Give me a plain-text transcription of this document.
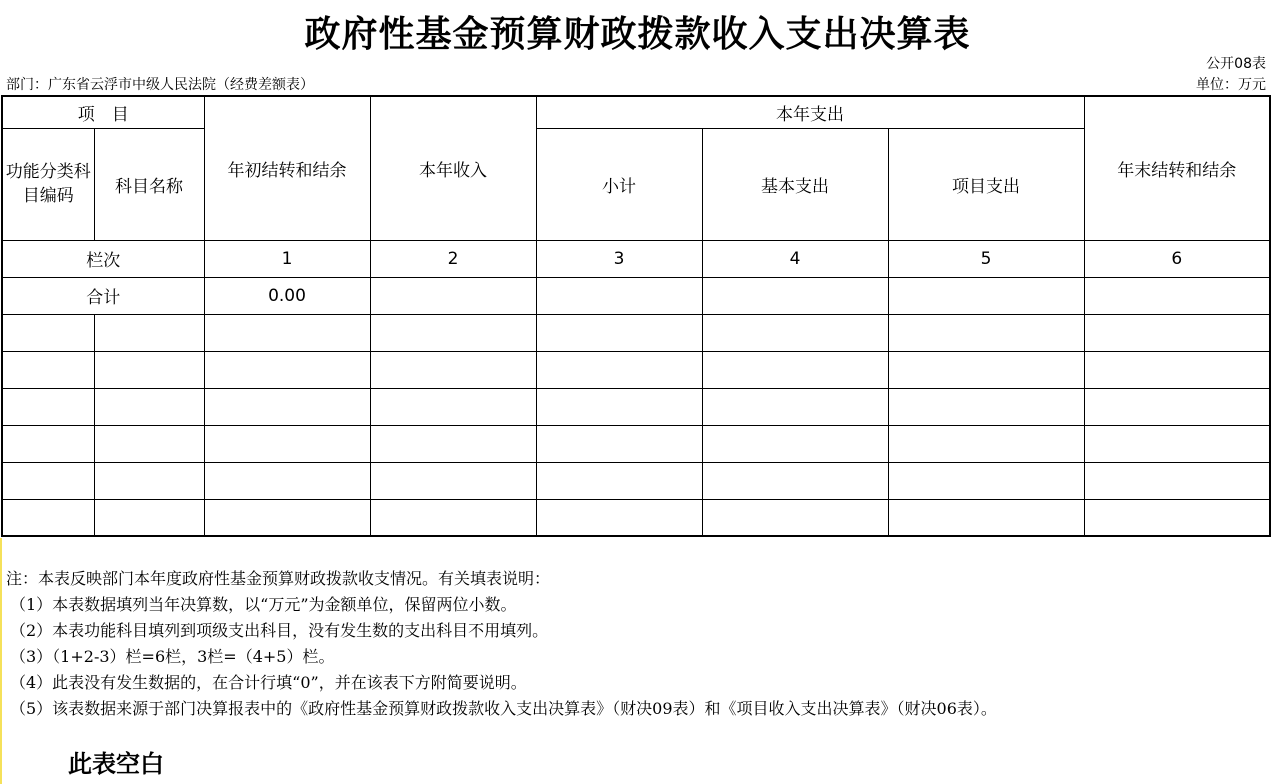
政府性基金预算财政拨款收入支出决算表
公开08表
部门：广东省云浮市中级人民法院（经费差额表）	单位：万元
项　目		年初结转和结余	本年收入	本年支出			年末结转和结余
功能分类科目编码	科目名称			小计	基本支出	项目支出	
栏次		1	2	3	4	5	6
合计		0.00					

注：本表反映部门本年度政府性基金预算财政拨款收支情况。有关填表说明：
（1）本表数据填列当年决算数，以“万元”为金额单位，保留两位小数。
（2）本表功能科目填列到项级支出科目，没有发生数的支出科目不用填列。
（3）（1+2-3）栏=6栏，3栏=（4+5）栏。
（4）此表没有发生数据的，在合计行填“0”，并在该表下方附简要说明。
（5）该表数据来源于部门决算报表中的《政府性基金预算财政拨款收入支出决算表》（财决09表）和《项目收入支出决算表》（财决06表）。
此表空白
